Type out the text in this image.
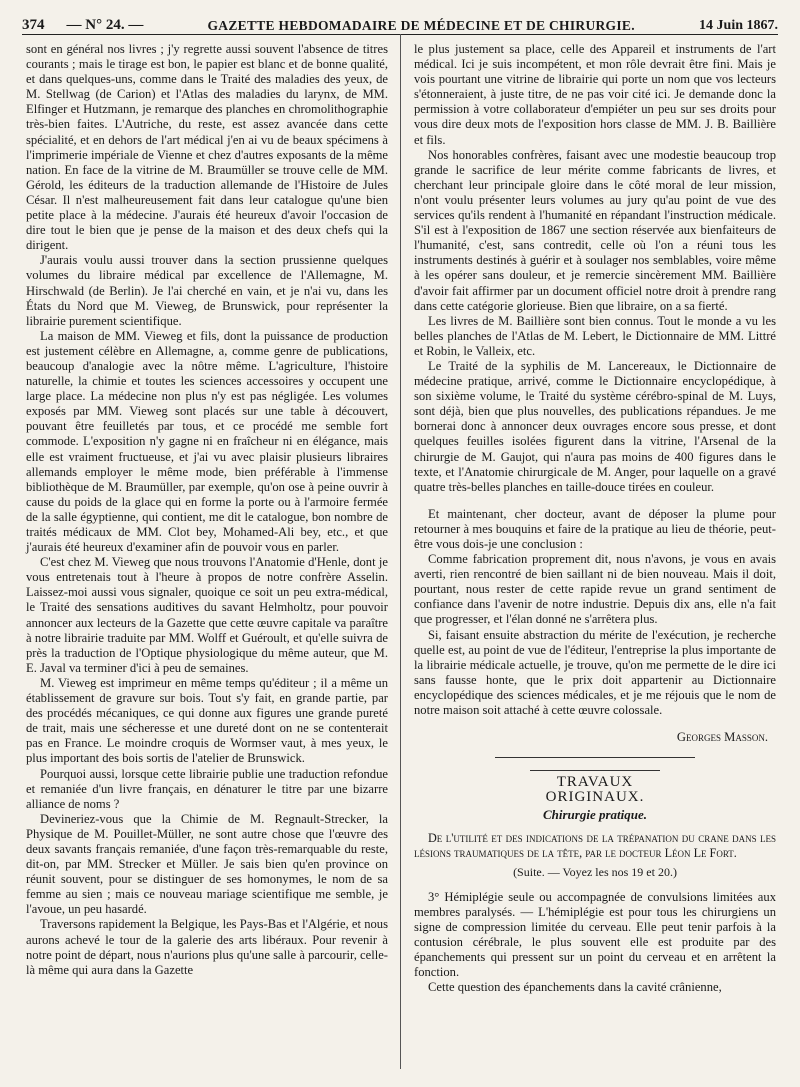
374 — N° 24. —	GAZETTE HEBDOMADAIRE DE MÉDECINE ET DE CHIRURGIE.	14 Juin 1867.

sont en général nos livres ; j'y regrette aussi souvent l'absence de titres courants ; mais le tirage est bon, le papier est blanc et de bonne qualité, et dans quelques-uns, comme dans le Traité des maladies des yeux, de M. Stellwag (de Carion) et l'Atlas des maladies du larynx, de MM. Elfinger et Hutzmann, je remarque des planches en chromolithographie très-bien faites. L'Autriche, du reste, est assez avancée dans cette spécialité, et en dehors de l'art médical j'en ai vu de beaux spécimens à l'imprimerie impériale de Vienne et chez d'autres exposants de la même nation. En face de la vitrine de M. Braumüller se trouve celle de MM. Gérold, les éditeurs de la traduction allemande de l'Histoire de Jules César. Il n'est malheureusement fait dans leur catalogue qu'une bien petite place à la médecine. J'aurais été heureux d'avoir l'occasion de dire tout le bien que je pense de la maison et des deux chefs qui la dirigent.

J'aurais voulu aussi trouver dans la section prussienne quelques volumes du libraire médical par excellence de l'Allemagne, M. Hirschwald (de Berlin). Je l'ai cherché en vain, et je n'ai vu, dans les États du Nord que M. Vieweg, de Brunswick, pour représenter la librairie purement scientifique.

La maison de MM. Vieweg et fils, dont la puissance de production est justement célèbre en Allemagne, a, comme genre de publications, beaucoup d'analogie avec la nôtre même. L'agriculture, l'histoire naturelle, la chimie et toutes les sciences accessoires y occupent une large place. La médecine non plus n'y est pas négligée. Les volumes exposés par MM. Vieweg sont placés sur une table à découvert, pouvant être feuilletés par tous, et ce procédé me semble fort commode. L'exposition n'y gagne ni en fraîcheur ni en élégance, mais elle est vraiment fructueuse, et j'ai vu avec plaisir plusieurs libraires allemands employer le même mode, bien préférable à l'immense bibliothèque de M. Braumüller, par exemple, qu'on ose à peine ouvrir à cause du poids de la glace qui en forme la porte ou à l'armoire fermée de la salle égyptienne, qui contient, me dit le catalogue, bon nombre de traités médicaux de MM. Clot bey, Mohamed-Ali bey, etc., et que j'aurais été heureux d'examiner afin de pouvoir vous en parler.

C'est chez M. Vieweg que nous trouvons l'Anatomie d'Henle, dont je vous entretenais tout à l'heure à propos de notre confrère Asselin. Laissez-moi aussi vous signaler, quoique ce soit un peu extra-médical, le Traité des sensations auditives du savant Helmholtz, pour pouvoir annoncer aux lecteurs de la Gazette que cette œuvre capitale va paraître à notre librairie traduite par MM. Wolff et Guéroult, et qu'elle suivra de près la traduction de l'Optique physiologique du même auteur, que M. E. Javal va terminer d'ici à peu de semaines.

M. Vieweg est imprimeur en même temps qu'éditeur ; il a même un établissement de gravure sur bois. Tout s'y fait, en grande partie, par des procédés mécaniques, ce qui donne aux figures une grande pureté de trait, mais une sécheresse et une dureté dont on ne se contenterait pas en France. Le moindre croquis de Wormser vaut, à mes yeux, le plus important des bois sortis de l'atelier de Brunswick.

Pourquoi aussi, lorsque cette librairie publie une traduction refondue et remaniée d'un livre français, en dénaturer le titre par une bizarre alliance de noms ?

Devineriez-vous que la Chimie de M. Regnault-Strecker, la Physique de M. Pouillet-Müller, ne sont autre chose que l'œuvre des deux savants français remaniée, d'une façon très-remarquable du reste, dit-on, par MM. Strecker et Müller. Je sais bien qu'en province on réunit souvent, pour se distinguer de ses homonymes, le nom de sa femme au sien ; mais ce nouveau mariage scientifique me semble, je l'avoue, un peu hasardé.

Traversons rapidement la Belgique, les Pays-Bas et l'Algérie, et nous aurons achevé le tour de la galerie des arts libéraux. Pour revenir à notre point de départ, nous n'aurions plus qu'une salle à parcourir, celle-là même qui aura dans la Gazette

le plus justement sa place, celle des Appareil et instruments de l'art médical. Ici je suis incompétent, et mon rôle devrait être fini. Mais je vois pourtant une vitrine de librairie qui porte un nom que vos lecteurs s'étonneraient, à juste titre, de ne pas voir cité ici. Je demande donc la permission à votre collaborateur d'empiéter un peu sur ses droits pour vous dire deux mots de l'exposition hors classe de MM. J. B. Baillière et fils.

Nos honorables confrères, faisant avec une modestie beaucoup trop grande le sacrifice de leur mérite comme fabricants de livres, et cherchant leur principale gloire dans le côté moral de leur mission, n'ont voulu présenter leurs volumes au jury qu'au point de vue des services qu'ils rendent à l'humanité en répandant l'instruction médicale. S'il est à l'exposition de 1867 une section réservée aux bienfaiteurs de l'humanité, c'est, sans contredit, celle où l'on a réuni tous les instruments destinés à guérir et à soulager nos semblables, voire même à les opérer sans douleur, et je remercie sincèrement MM. Baillière d'avoir fait affirmer par un document officiel notre droit à prendre rang dans cette catégorie glorieuse. Bien que libraire, on a sa fierté.

Les livres de M. Baillière sont bien connus. Tout le monde a vu les belles planches de l'Atlas de M. Lebert, le Dictionnaire de MM. Littré et Robin, le Valleix, etc.

Le Traité de la syphilis de M. Lancereaux, le Dictionnaire de médecine pratique, arrivé, comme le Dictionnaire encyclopédique, à son sixième volume, le Traité du système cérébro-spinal de M. Luys, sont déjà, bien que plus nouvelles, des publications répandues. Je me bornerai donc à annoncer deux ouvrages encore sous presse, et dont quelques feuilles isolées figurent dans la vitrine, l'Arsenal de la chirurgie de M. Gaujot, qui n'aura pas moins de 400 figures dans le texte, et l'Anatomie chirurgicale de M. Anger, pour laquelle on a gravé quatre très-belles planches en taille-douce tirées en couleur.

Et maintenant, cher docteur, avant de déposer la plume pour retourner à mes bouquins et faire de la pratique au lieu de théorie, peut-être vous dois-je une conclusion :

Comme fabrication proprement dit, nous n'avons, je vous en avais averti, rien rencontré de bien saillant ni de bien nouveau. Mais il doit, pourtant, nous rester de cette rapide revue un grand sentiment de confiance dans l'avenir de notre industrie. Depuis dix ans, elle n'a fait que progresser, et l'élan donné ne s'arrêtera plus.

Si, faisant ensuite abstraction du mérite de l'exécution, je recherche quelle est, au point de vue de l'éditeur, l'entreprise la plus importante de la librairie médicale actuelle, je trouve, qu'on me permette de le dire ici sans fausse honte, que le prix doit appartenir au Dictionnaire encyclopédique des sciences médicales, et je me réjouis que le nom de notre maison soit attaché à cette œuvre colossale.

Georges Masson.
TRAVAUX ORIGINAUX.
Chirurgie pratique.

De l'utilité et des indications de la trépanation du crane dans les lésions traumatiques de la tête, par le docteur Léon Le Fort.

(Suite. — Voyez les nos 19 et 20.)

3° Hémiplégie seule ou accompagnée de convulsions limitées aux membres paralysés. — L'hémiplégie est pour tous les chirurgiens un signe de compression limitée du cerveau. Elle peut tenir parfois à la contusion cérébrale, le plus souvent elle est produite par des épanchements qui pressent sur un point du cerveau et en arrêtent la fonction.

Cette question des épanchements dans la cavité crânienne,
